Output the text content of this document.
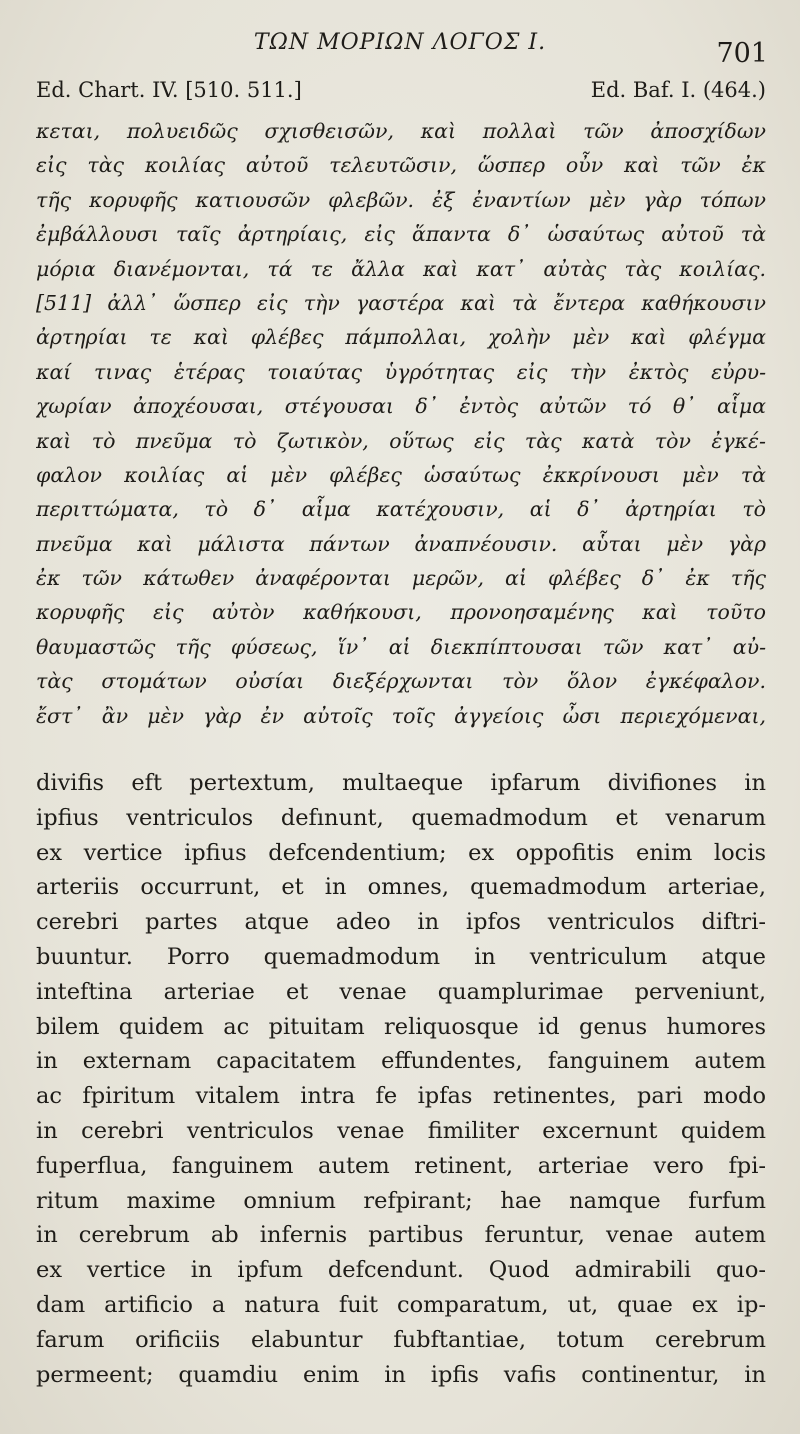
ΤΩΝ ΜΟΡΙΩΝ ΛΟΓΟΣ Ι.	701
Ed. Chart. IV. [510. 511.]	Ed. Baf. I. (464.)
κεται, πολυειδῶς σχισθεισῶν, καὶ πολλαὶ τῶν ἀποσχίδων
εἰς τὰς κοιλίας αὐτοῦ τελευτῶσιν, ὥσπερ οὖν καὶ τῶν ἐκ
τῆς κορυφῆς κατιουσῶν φλεβῶν. ἐξ ἐναντίων μὲν γὰρ τόπων
ἐμβάλλουσι ταῖς ἀρτηρίαις, εἰς ἅπαντα δ᾽ ὡσαύτως αὐτοῦ τὰ
μόρια διανέμονται, τά τε ἄλλα καὶ κατ᾽ αὐτὰς τὰς κοιλίας.
[511] ἀλλ᾽ ὥσπερ εἰς τὴν γαστέρα καὶ τὰ ἔντερα καθήκουσιν
ἀρτηρίαι τε καὶ φλέβες πάμπολλαι, χολὴν μὲν καὶ φλέγμα
καί τινας ἑτέρας τοιαύτας ὑγρότητας εἰς τὴν ἐκτὸς εὐρυ-
χωρίαν ἀποχέουσαι, στέγουσαι δ᾽ ἐντὸς αὐτῶν τό θ᾽ αἷμα
καὶ τὸ πνεῦμα τὸ ζωτικὸν, οὕτως εἰς τὰς κατὰ τὸν ἐγκέ-
φαλον κοιλίας αἱ μὲν φλέβες ὡσαύτως ἐκκρίνουσι μὲν τὰ
περιττώματα, τὸ δ᾽ αἷμα κατέχουσιν, αἱ δ᾽ ἀρτηρίαι τὸ
πνεῦμα καὶ μάλιστα πάντων ἀναπνέουσιν. αὗται μὲν γὰρ
ἐκ τῶν κάτωθεν ἀναφέρονται μερῶν, αἱ φλέβες δ᾽ ἐκ τῆς
κορυφῆς εἰς αὐτὸν καθήκουσι, προνοησαμένης καὶ τοῦτο
θαυμαστῶς τῆς φύσεως, ἵν᾽ αἱ διεκπίπτουσαι τῶν κατ᾽ αὐ-
τὰς στομάτων οὐσίαι διεξέρχωνται τὸν ὅλον ἐγκέφαλον.
ἔστ᾽ ἂν μὲν γὰρ ἐν αὐτοῖς τοῖς ἀγγείοις ὦσι περιεχόμεναι,
divifis eft pertextum, multaeque ipfarum divifiones in
ipfius ventriculos defınunt, quemadmodum et venarum
ex vertice ipfius defcendentium; ex oppofitis enim locis
arteriis occurrunt, et in omnes, quemadmodum arteriae,
cerebri partes atque adeo in ipfos ventriculos diftri-
buuntur. Porro quemadmodum in ventriculum atque
inteftina arteriae et venae quamplurimae perveniunt,
bilem quidem ac pituitam reliquosque id genus humores
in externam capacitatem effundentes, fanguinem autem
ac fpiritum vitalem intra fe ipfas retinentes, pari modo
in cerebri ventriculos venae fimiliter excernunt quidem
fuperflua, fanguinem autem retinent, arteriae vero fpi-
ritum maxime omnium refpirant; hae namque furfum
in cerebrum ab infernis partibus feruntur, venae autem
ex vertice in ipfum defcendunt. Quod admirabili quo-
dam artificio a natura fuit comparatum, ut, quae ex ip-
farum orificiis elabuntur fubftantiae, totum cerebrum
permeent; quamdiu enim in ipfis vafis continentur, in
